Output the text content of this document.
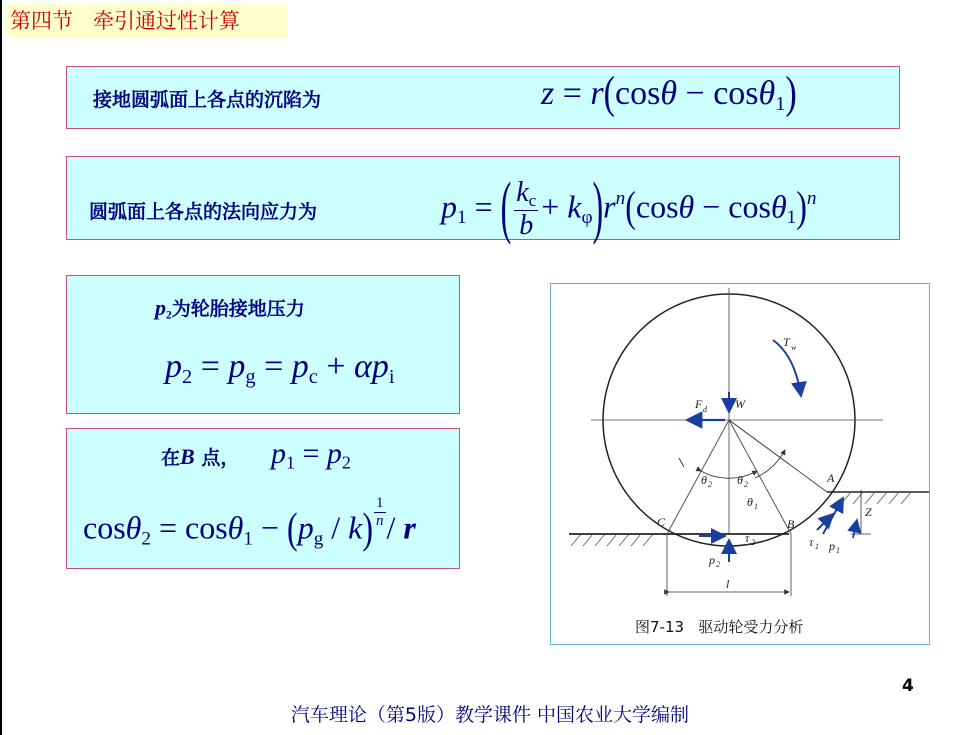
第四节   牵引通过性计算
接地圆弧面上各点的沉陷为	z = r(cosθ − cosθ$_1$)
圆弧面上各点的法向应力为	$p_1$ = ( $\frac{k_c}{b} + k_\varphi)r^n(\cos\theta - \cos\theta_1)^n$
$p_2$为轮胎接地压力
$p_2 = p_g = p_c + \alpha p_i$
在B 点， $p_1 = p_2$
$\cos\theta_2 = \cos\theta_1 - (p_g / k) \frac{1}{n} / r$
T w
F d W
θ 2 θ 2
θ 1
A
B
C
Z
τ 2	τ 1 p 1
p 2
l
图7-13   驱动轮受力分析
4
汽车理论（第5版）教学课件 中国农业大学编制
